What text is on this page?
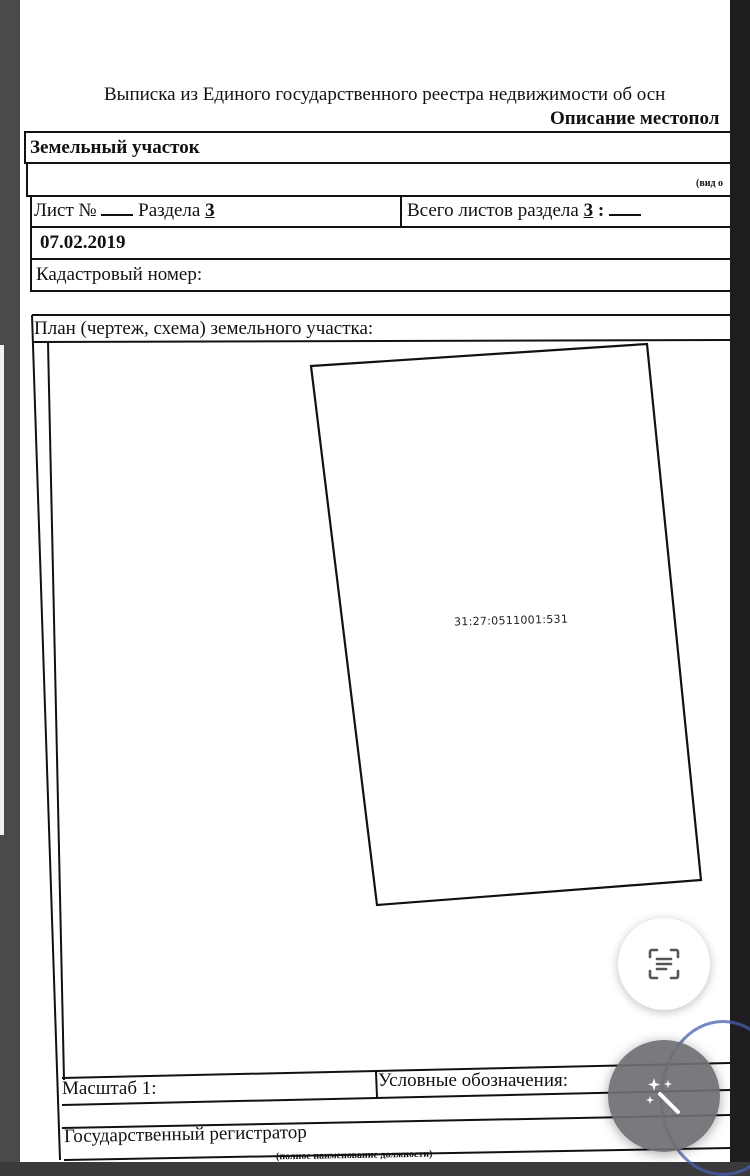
Выписка из Единого государственного реестра недвижимости об осн
Описание местопол
Земельный участок
(вид о
Лист № Раздела 3	Всего листов раздела 3 :
07.02.2019
Кадастровый номер:
План (чертеж, схема) земельного участка:
31:27:0511001:531
Масштаб 1:	Условные обозначения:
Государственный регистратор
(полное наименование должности)
